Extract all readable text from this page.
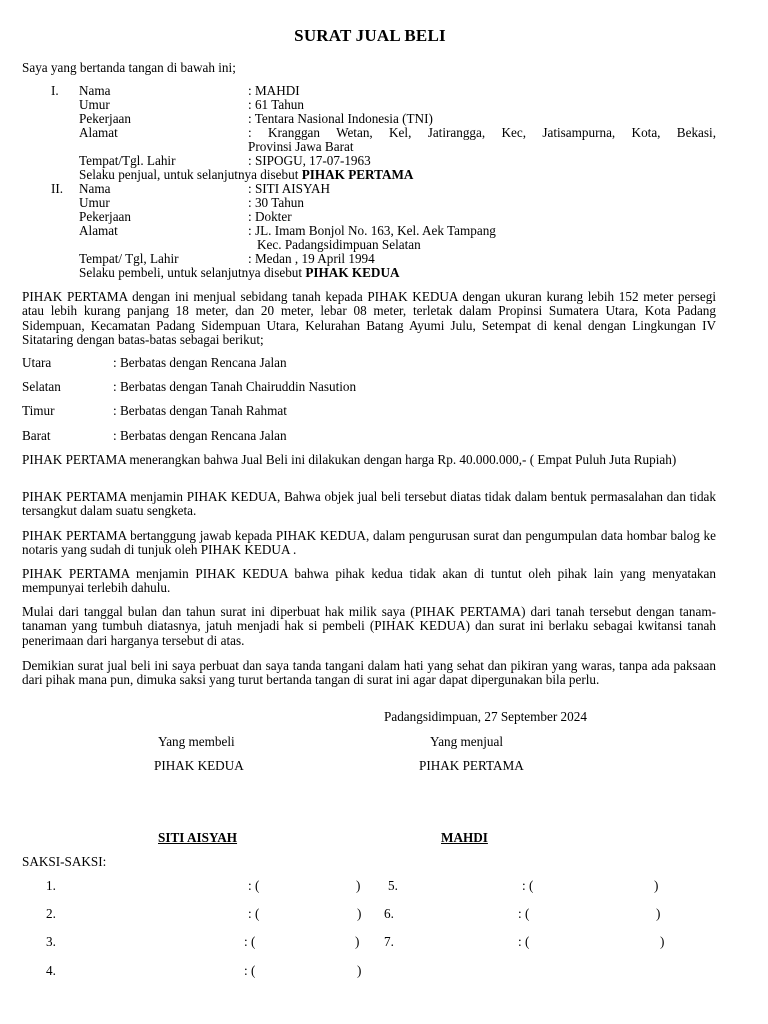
SURAT JUAL BELI
Saya yang bertanda tangan di bawah ini;
I. Nama	: MAHDI
Umur	: 61 Tahun
Pekerjaan	: Tentara Nasional Indonesia (TNI)
Alamat	: Kranggan Wetan, Kel, Jatirangga, Kec, Jatisampurna, Kota, Bekasi,
Provinsi Jawa Barat
Tempat/Tgl. Lahir	: SIPOGU, 17-07-1963
Selaku penjual, untuk selanjutnya disebut PIHAK PERTAMA
II. Nama	: SITI AISYAH
Umur	: 30 Tahun
Pekerjaan	: Dokter
Alamat	: JL. Imam Bonjol No. 163, Kel. Aek Tampang
Kec. Padangsidimpuan Selatan
Tempat/ Tgl, Lahir	: Medan , 19 April 1994
Selaku pembeli, untuk selanjutnya disebut PIHAK KEDUA
PIHAK PERTAMA dengan ini menjual sebidang tanah kepada PIHAK KEDUA dengan ukuran kurang lebih 152 meter persegi atau lebih kurang panjang 18 meter, dan 20 meter, lebar 08 meter, terletak dalam Propinsi Sumatera Utara, Kota Padang Sidempuan, Kecamatan Padang Sidempuan Utara, Kelurahan Batang Ayumi Julu, Setempat di kenal dengan Lingkungan IV Sitataring dengan batas-batas sebagai berikut;
Utara	: Berbatas dengan Rencana Jalan
Selatan	: Berbatas dengan Tanah Chairuddin Nasution
Timur	: Berbatas dengan Tanah Rahmat
Barat	: Berbatas dengan Rencana Jalan
PIHAK PERTAMA menerangkan bahwa Jual Beli ini dilakukan dengan harga Rp. 40.000.000,- ( Empat Puluh Juta Rupiah)
PIHAK PERTAMA menjamin PIHAK KEDUA, Bahwa objek jual beli tersebut diatas tidak dalam bentuk permasalahan dan tidak tersangkut dalam suatu sengketa.
PIHAK PERTAMA bertanggung jawab kepada PIHAK KEDUA, dalam pengurusan surat dan pengumpulan data hombar balog ke notaris yang sudah di tunjuk oleh PIHAK KEDUA .
PIHAK PERTAMA menjamin PIHAK KEDUA bahwa pihak kedua tidak akan di tuntut oleh pihak lain yang menyatakan mempunyai terlebih dahulu.
Mulai dari tanggal bulan dan tahun surat ini diperbuat hak milik saya (PIHAK PERTAMA) dari tanah tersebut dengan tanam-tanaman yang tumbuh diatasnya, jatuh menjadi hak si pembeli (PIHAK KEDUA) dan surat ini berlaku sebagai kwitansi tanah penerimaan dari harganya tersebut di atas.
Demikian surat jual beli ini saya perbuat dan saya tanda tangani dalam hati yang sehat dan pikiran yang waras, tanpa ada paksaan dari pihak mana pun, dimuka saksi yang turut bertanda tangan di surat ini agar dapat dipergunakan bila perlu.
Padangsidimpuan, 27 September 2024
Yang membeli	Yang menjual
PIHAK KEDUA	PIHAK PERTAMA
SITI AISYAH	MAHDI
SAKSI-SAKSI:
1.	: (	)
2.	: (	)
3.	: (	)
4.	: (	)
5.	: (	)
6.	: (	)
7.	: (	)
